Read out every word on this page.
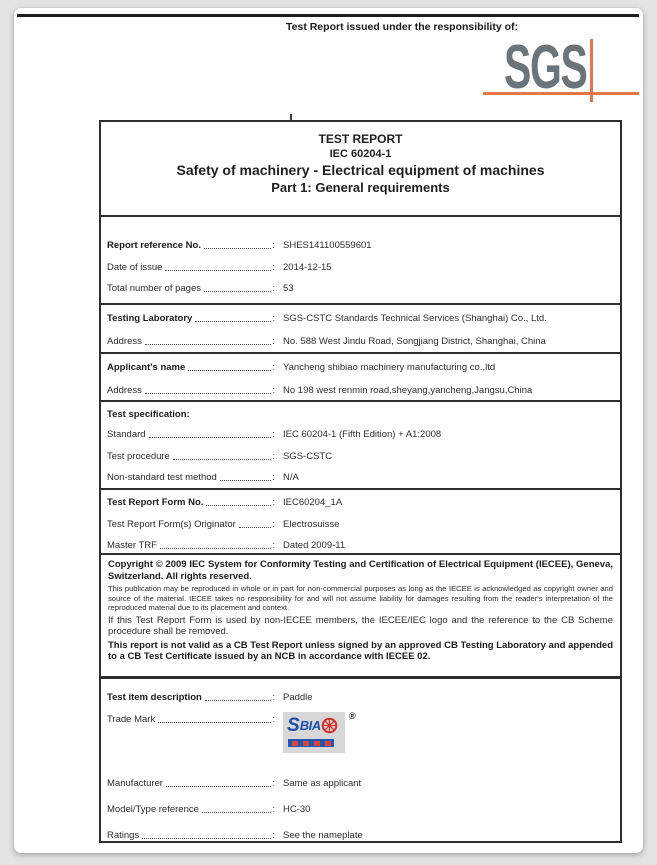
Test Report issued under the responsibility of:
SGS
TEST REPORT
IEC 60204-1
Safety of machinery - Electrical equipment of machines
Part 1: General requirements
Report reference No.	: SHES141100559601
Date of issue	: 2014-12-15
Total number of pages	: 53
Testing Laboratory	: SGS-CSTC Standards Technical Services (Shanghai) Co., Ltd.
Address	: No. 588 West Jindu Road, Songjiang District, Shanghai, China
Applicant's name	: Yancheng shibiao machinery manufacturing co.,ltd
Address	: No 198 west renmin road,sheyang,yancheng,Jangsu,China
Test specification:
Standard	: IEC 60204-1 (Fifth Edition) + A1:2008
Test procedure	: SGS-CSTC
Non-standard test method	: N/A
Test Report Form No.	: IEC60204_1A
Test Report Form(s) Originator	: Electrosuisse
Master TRF	: Dated 2009-11

Copyright © 2009 IEC System for Conformity Testing and Certification of Electrical Equipment (IECEE), Geneva, Switzerland. All rights reserved.

This publication may be reproduced in whole or in part for non-commercial purposes as long as the IECEE is acknowledged as copyright owner and source of the material. IECEE takes no responsibility for and will not assume liability for damages resulting from the reader's interpretation of the reproduced material due to its placement and context.

If this Test Report Form is used by non-IECEE members, the IECEE/IEC logo and the reference to the CB Scheme procedure shall be removed.

This report is not valid as a CB Test Report unless signed by an approved CB Testing Laboratory and appended to a CB Test Certificate issued by an NCB in accordance with IECEE 02.

Test item description	: Paddle
Trade Mark	: S BIA
®
Manufacturer	: Same as applicant
Model/Type reference	: HC-30
Ratings	: See the nameplate
